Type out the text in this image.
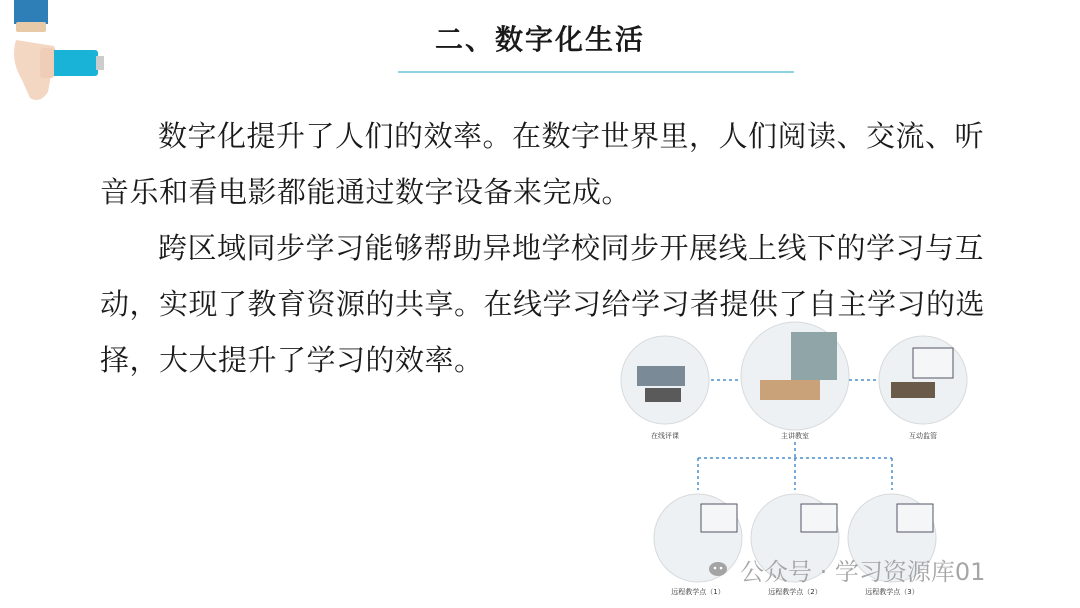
二、数字化生活

数字化提升了人们的效率。在数字世界里，人们阅读、交流、听音乐和看电影都能通过数字设备来完成。

跨区域同步学习能够帮助异地学校同步开展线上线下的学习与互动，实现了教育资源的共享。在线学习给学习者提供了自主学习的选择，大大提升了学习的效率。

在线评课	主讲教室	互动监管
远程教学点（1）	远程教学点（2）	远程教学点（3）
公众号 · 学习资源库01
